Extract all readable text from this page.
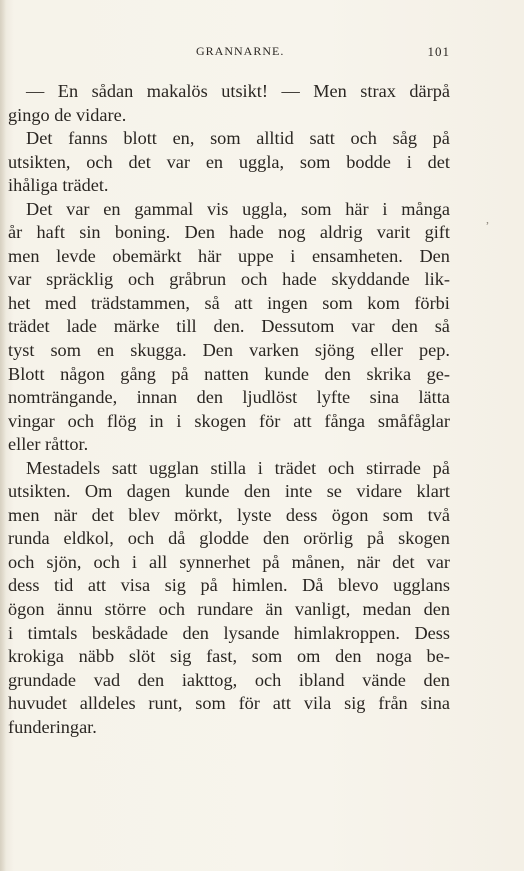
GRANNARNE.	101
,
— En sådan makalös utsikt! — Men strax därpå
gingo de vidare.
Det fanns blott en, som alltid satt och såg på
utsikten, och det var en uggla, som bodde i det
ihåliga trädet.
Det var en gammal vis uggla, som här i många
år haft sin boning. Den hade nog aldrig varit gift
men levde obemärkt här uppe i ensamheten. Den
var spräcklig och gråbrun och hade skyddande lik-
het med trädstammen, så att ingen som kom förbi
trädet lade märke till den. Dessutom var den så
tyst som en skugga. Den varken sjöng eller pep.
Blott någon gång på natten kunde den skrika ge-
nomträngande, innan den ljudlöst lyfte sina lätta
vingar och flög in i skogen för att fånga småfåglar
eller råttor.
Mestadels satt ugglan stilla i trädet och stirrade på
utsikten. Om dagen kunde den inte se vidare klart
men när det blev mörkt, lyste dess ögon som två
runda eldkol, och då glodde den orörlig på skogen
och sjön, och i all synnerhet på månen, när det var
dess tid att visa sig på himlen. Då blevo ugglans
ögon ännu större och rundare än vanligt, medan den
i timtals beskådade den lysande himlakroppen. Dess
krokiga näbb slöt sig fast, som om den noga be-
grundade vad den iakttog, och ibland vände den
huvudet alldeles runt, som för att vila sig från sina
funderingar.
